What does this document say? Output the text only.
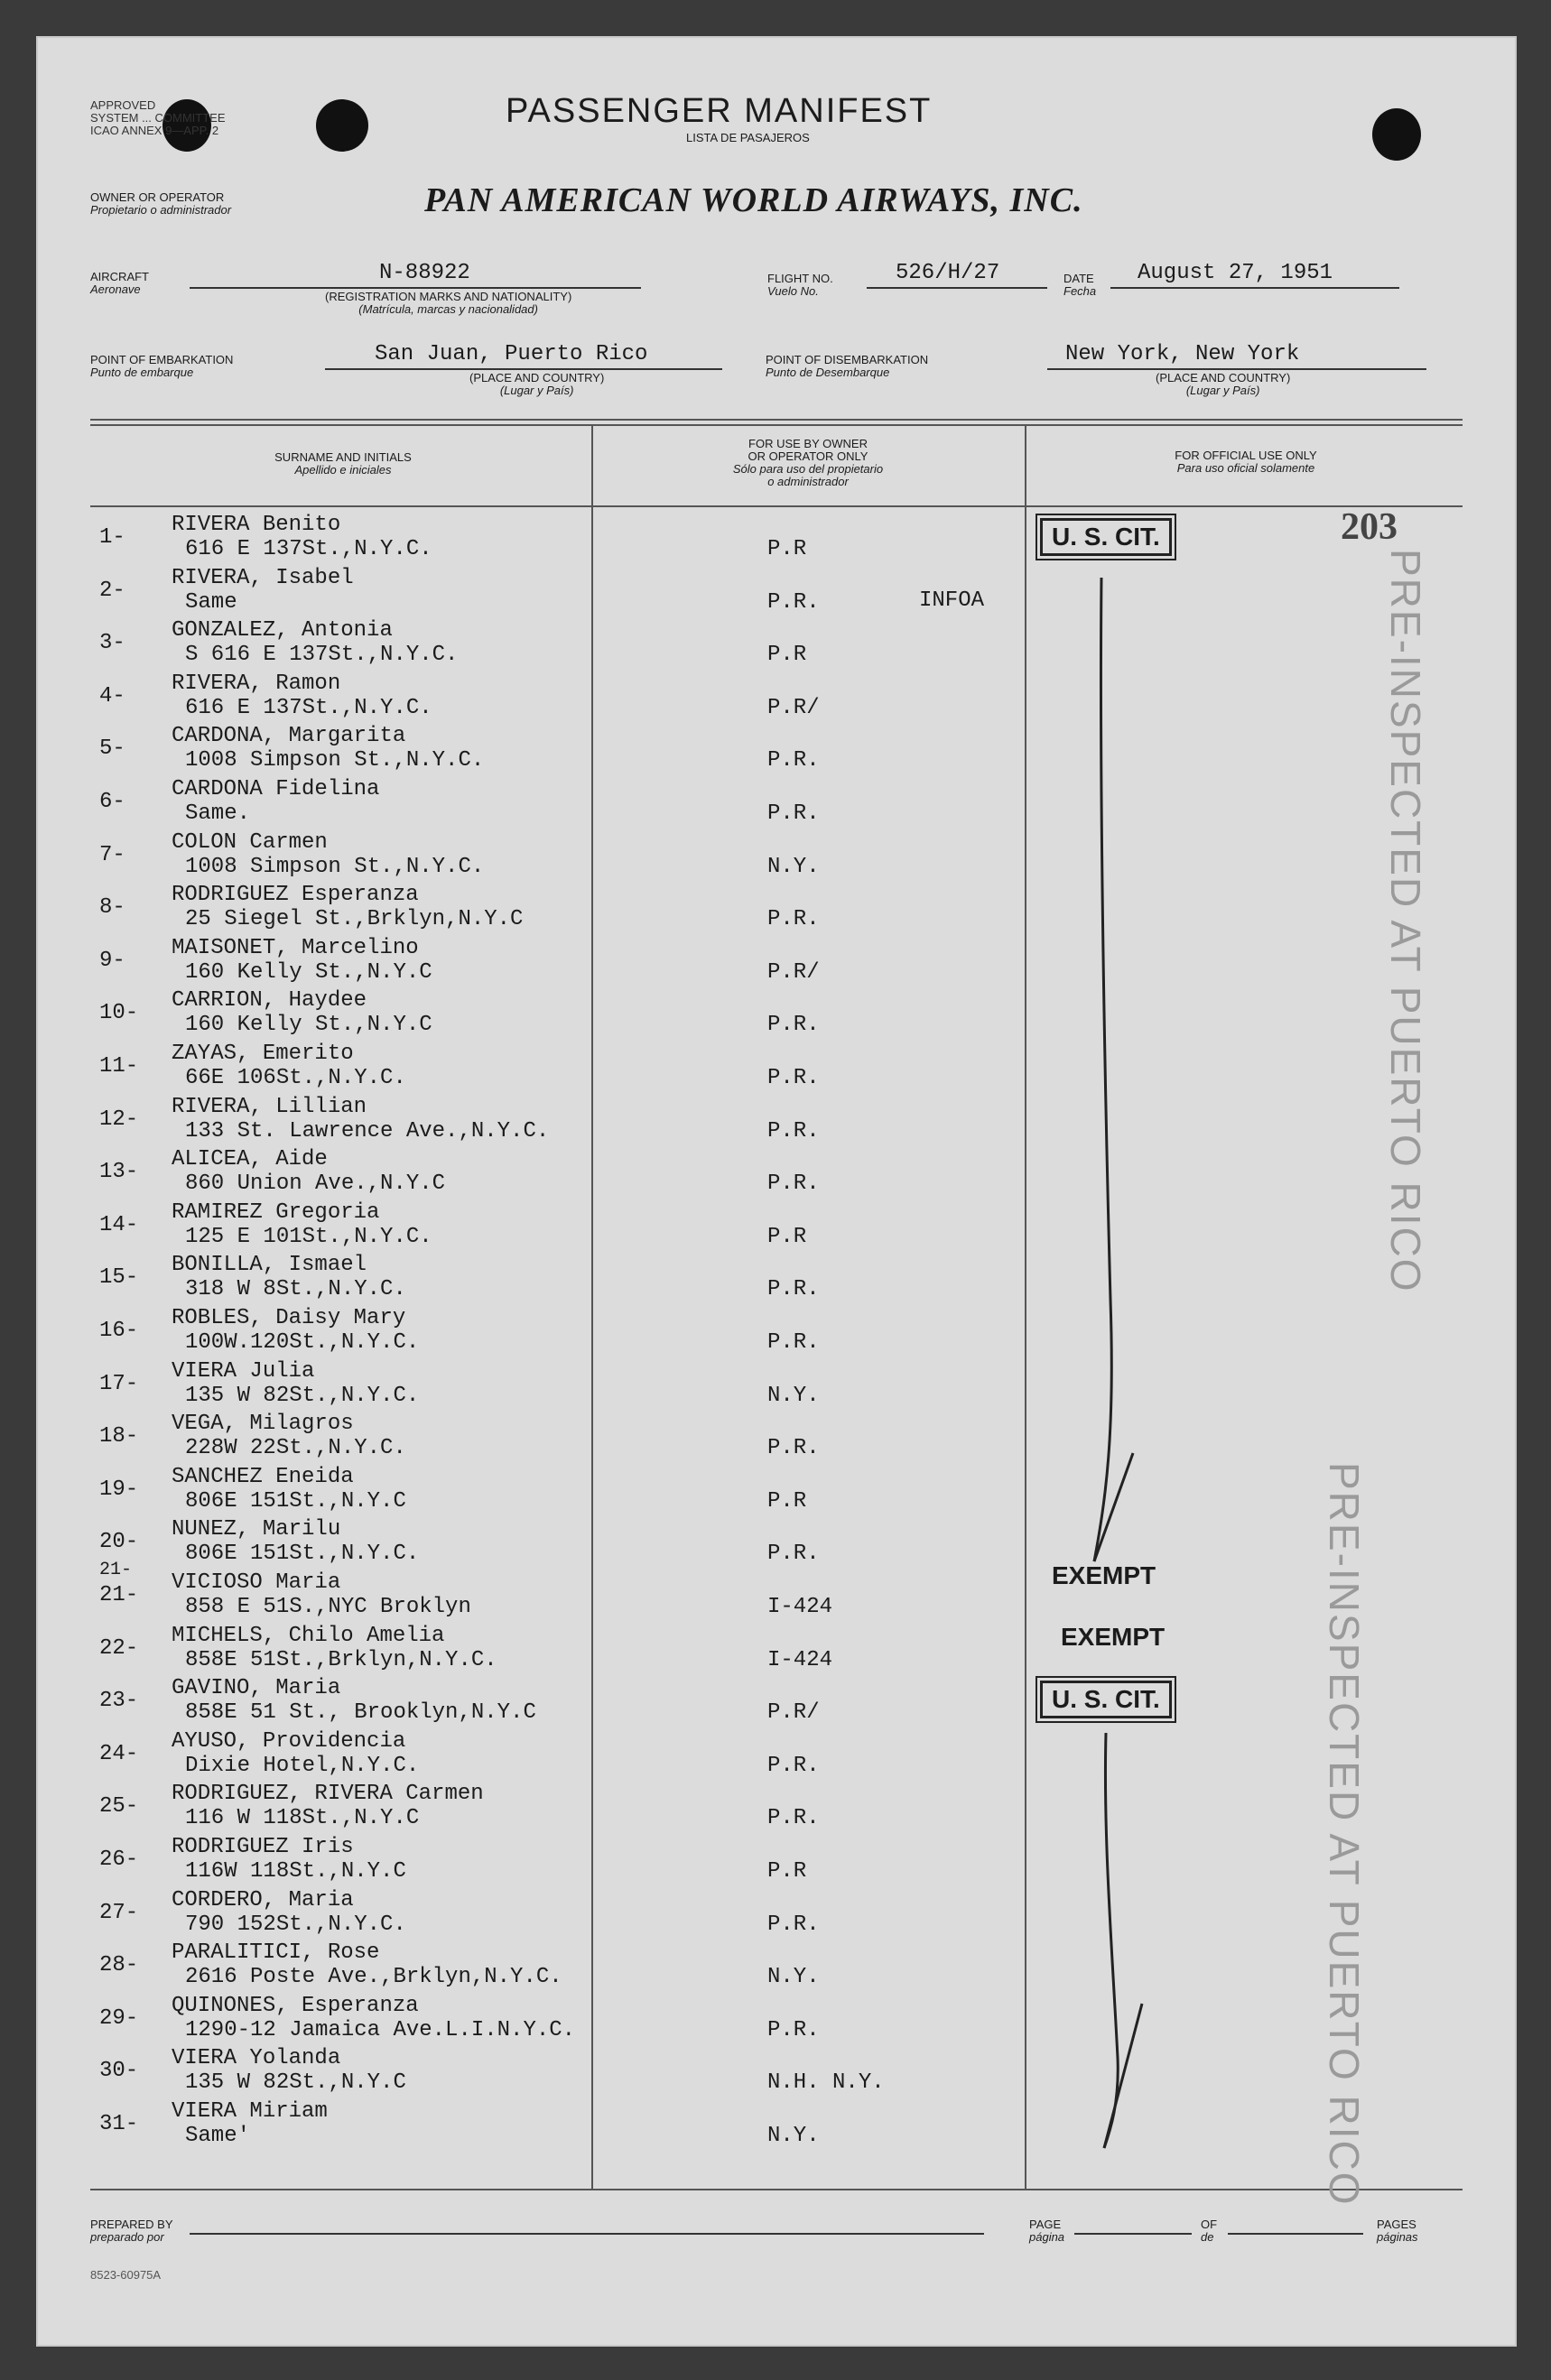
APPROVED
SYSTEM ... COMMITTEE
ICAO ANNEX 9—APP. 2
PASSENGER MANIFEST
LISTA DE PASAJEROS
OWNER OR OPERATOR
Propietario o administrador	PAN AMERICAN WORLD AIRWAYS, INC.
AIRCRAFT
Aeronave
N-88922
(REGISTRATION MARKS AND NATIONALITY)
(Matrícula, marcas y nacionalidad)
FLIGHT NO.
Vuelo No.
526/H/27	DATE
Fecha
August 27, 1951
POINT OF EMBARKATION
Punto de embarque
San Juan, Puerto Rico
(PLACE AND COUNTRY)
(Lugar y País)
POINT OF DISEMBARKATION
Punto de Desembarque
New York, New York
(PLACE AND COUNTRY)
(Lugar y País)
SURNAME AND INITIALS
Apellido e iniciales
FOR USE BY OWNER
OR OPERATOR ONLY
Sólo para uso del propietario
o administrador
FOR OFFICIAL USE ONLY
Para uso oficial solamente
1-
RIVERA Benito
616 E 137St.,N.Y.C.	P.R
2-
RIVERA, Isabel
Same	P.R.
3-
GONZALEZ, Antonia
S 616 E 137St.,N.Y.C.	P.R
4-
RIVERA, Ramon
616 E 137St.,N.Y.C.	P.R/
5-
CARDONA, Margarita
1008 Simpson St.,N.Y.C.	P.R.
6-
CARDONA Fidelina
Same.	P.R.
7-
COLON Carmen
1008 Simpson St.,N.Y.C.	N.Y.
8-
RODRIGUEZ Esperanza
25 Siegel St.,Brklyn,N.Y.C	P.R.
9-
MAISONET, Marcelino
160 Kelly St.,N.Y.C	P.R/
10-
CARRION, Haydee
160 Kelly St.,N.Y.C	P.R.
11-
ZAYAS, Emerito
66E 106St.,N.Y.C.	P.R.
12-
RIVERA, Lillian
133 St. Lawrence Ave.,N.Y.C.	P.R.
13-
ALICEA, Aide
860 Union Ave.,N.Y.C	P.R.
14-
RAMIREZ Gregoria
125 E 101St.,N.Y.C.	P.R
15-
BONILLA, Ismael
318 W 8St.,N.Y.C.	P.R.
16-
ROBLES, Daisy Mary
100W.120St.,N.Y.C.	P.R.
17-
VIERA Julia
135 W 82St.,N.Y.C.	N.Y.
18-
VEGA, Milagros
228W 22St.,N.Y.C.	P.R.
19-
SANCHEZ Eneida
806E 151St.,N.Y.C	P.R
20-
NUNEZ, Marilu
806E 151St.,N.Y.C.	P.R.
21-
VICIOSO Maria
858 E 51S.,NYC Broklyn	I-424
22-
MICHELS, Chilo Amelia
858E 51St.,Brklyn,N.Y.C.	I-424
23-
GAVINO, Maria
858E 51 St., Brooklyn,N.Y.C	P.R/
24-
AYUSO, Providencia
Dixie Hotel,N.Y.C.	P.R.
25-
RODRIGUEZ, RIVERA Carmen
116 W 118St.,N.Y.C	P.R.
26-
RODRIGUEZ Iris
116W 118St.,N.Y.C	P.R
27-
CORDERO, Maria
790 152St.,N.Y.C.	P.R.
28-
PARALITICI, Rose
2616 Poste Ave.,Brklyn,N.Y.C.	N.Y.
29-
QUINONES, Esperanza
1290-12 Jamaica Ave.L.I.N.Y.C.	P.R.
30-
VIERA Yolanda
135 W 82St.,N.Y.C	N.H. N.Y.
31-
VIERA Miriam
Same'	N.Y.
INFOA
21-
203
U. S. CIT.
U. S. CIT.
EXEMPT
EXEMPT
PRE-INSPECTED AT PUERTO RICO
PRE-INSPECTED AT PUERTO RICO
PREPARED BY
preparado por
8523-60975A
PAGE
página
OF
de
PAGES
páginas
